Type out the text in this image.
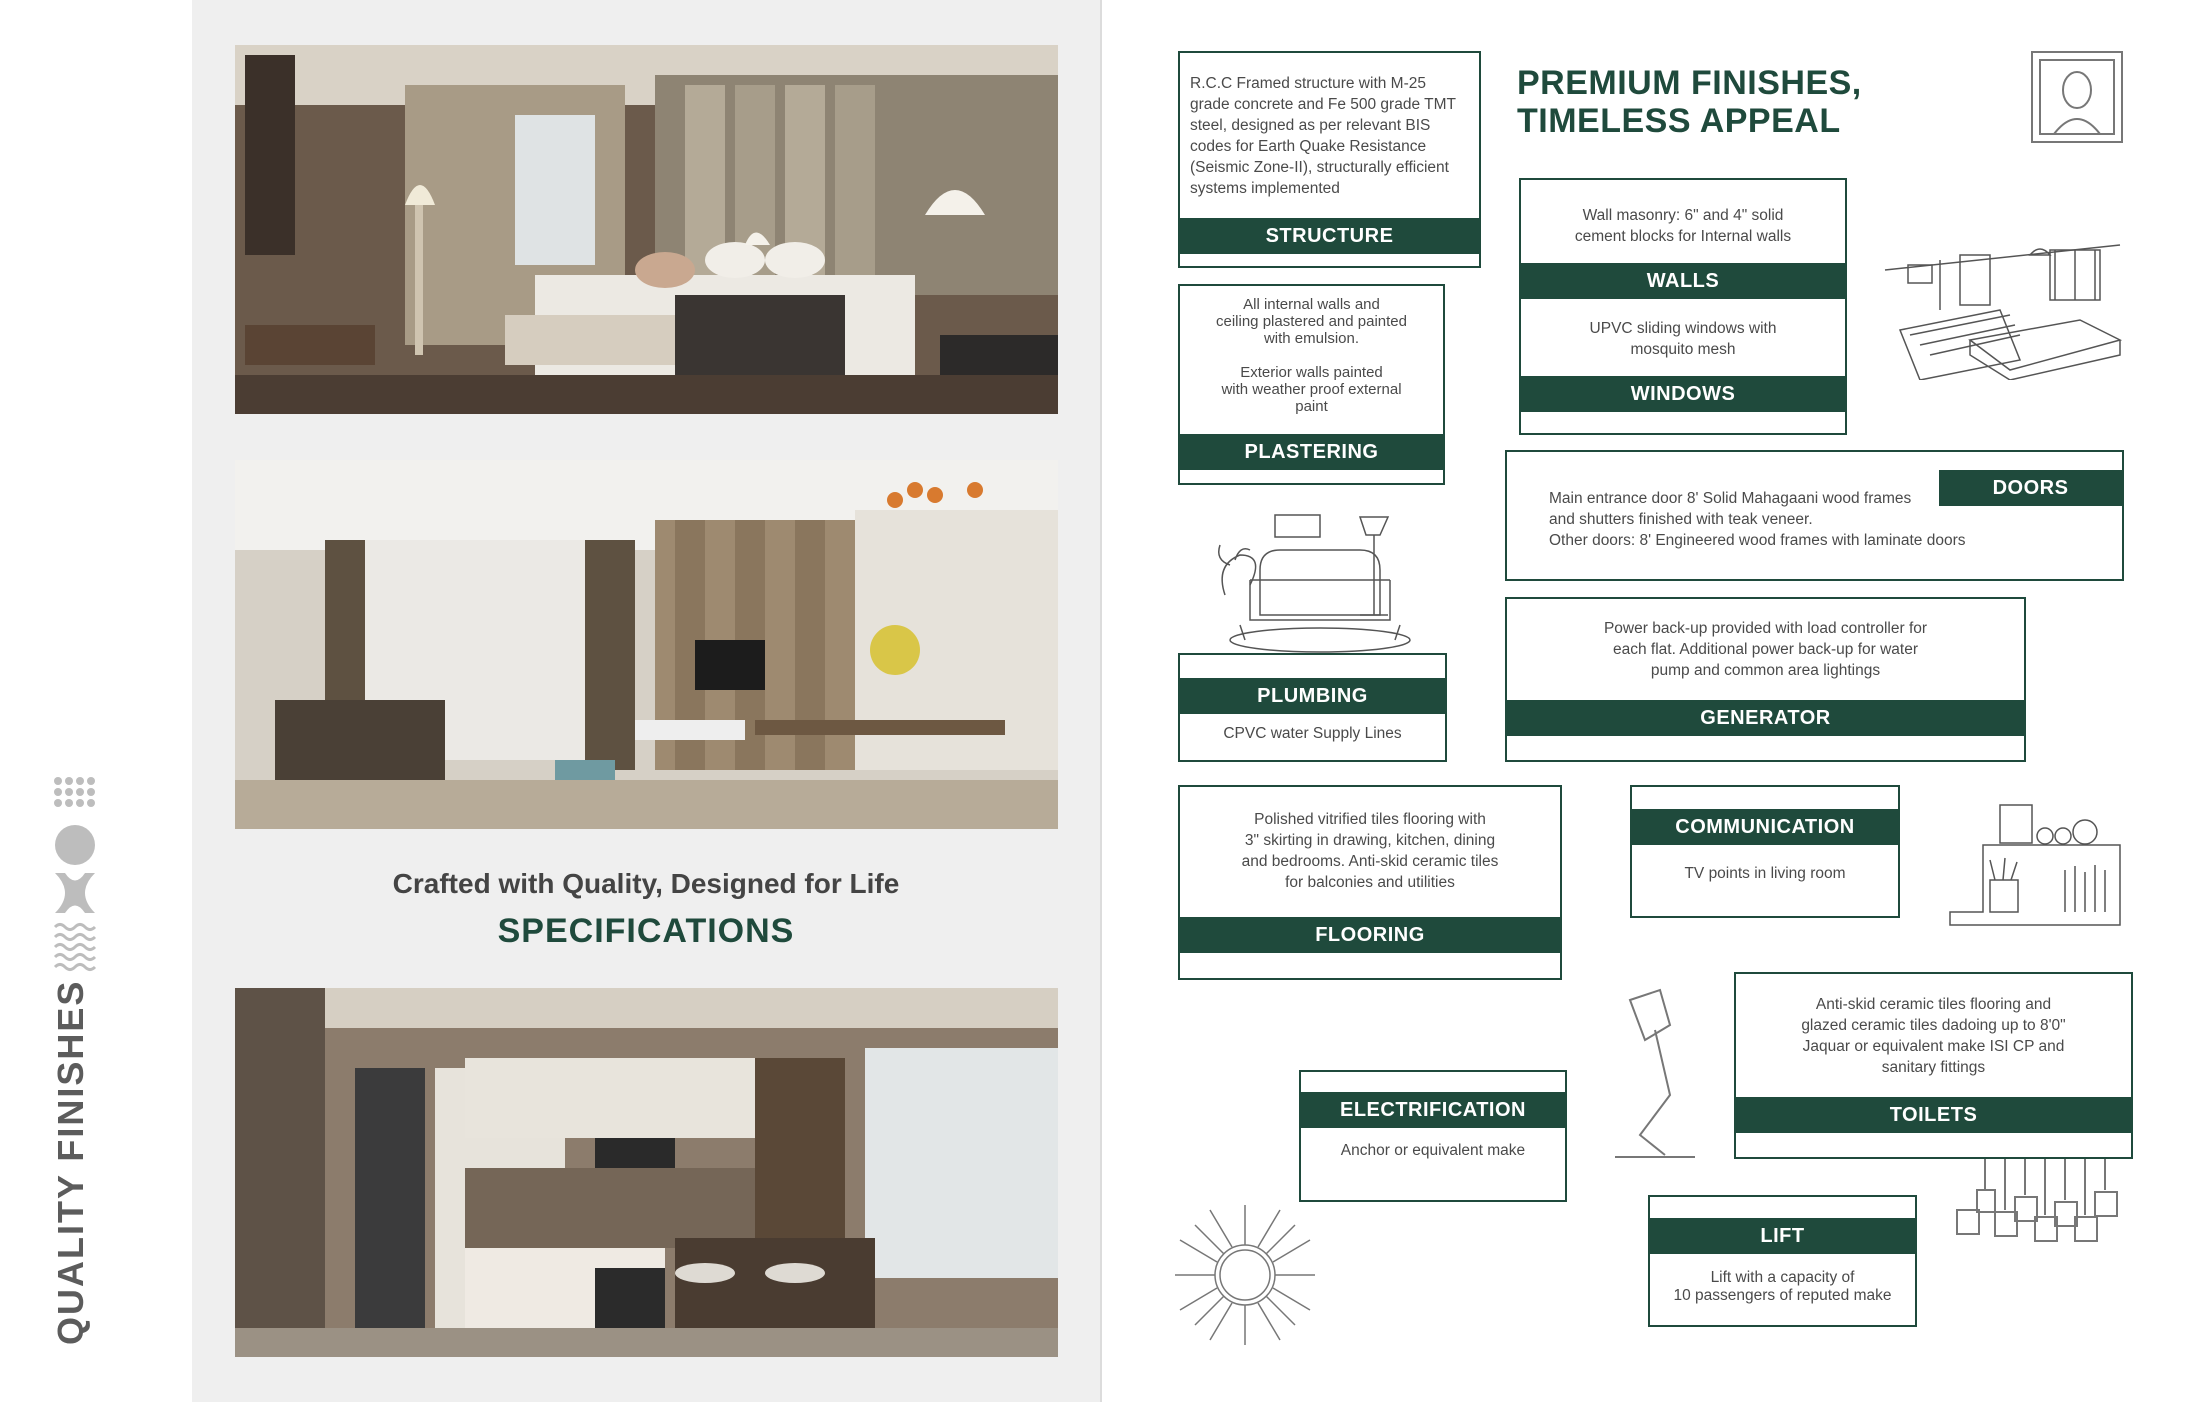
QUALITY FINISHES
Crafted with Quality, Designed for Life
SPECIFICATIONS
PREMIUM FINISHES,
TIMELESS APPEAL
R.C.C Framed structure with M-25 grade concrete and Fe 500 grade TMT steel, designed as per relevant BIS codes for Earth Quake Resistance (Seismic Zone-II), structurally efficient systems implemented
STRUCTURE
Wall masonry: 6" and 4" solid
cement blocks for Internal walls
WALLS
UPVC sliding windows with
mosquito mesh
WINDOWS
All internal walls and
ceiling plastered and painted
with emulsion.

Exterior walls painted
with weather proof external
paint
PLASTERING
Main entrance door 8' Solid Mahagaani wood frames
and shutters finished with teak veneer.
Other doors: 8' Engineered wood frames with laminate doors
DOORS
Power back-up provided with load controller for
each flat. Additional power back-up for water
pump and common area lightings
GENERATOR
PLUMBING
CPVC water Supply Lines
Polished vitrified tiles flooring with
3" skirting in drawing, kitchen, dining
and bedrooms. Anti-skid ceramic tiles
for balconies and utilities
FLOORING
COMMUNICATION
TV points in living room
Anti-skid ceramic tiles flooring and
glazed ceramic tiles dadoing up to 8'0"
Jaquar or equivalent make ISI CP and
sanitary fittings
TOILETS
ELECTRIFICATION
Anchor or equivalent make
LIFT
Lift with a capacity of
10 passengers of reputed make
